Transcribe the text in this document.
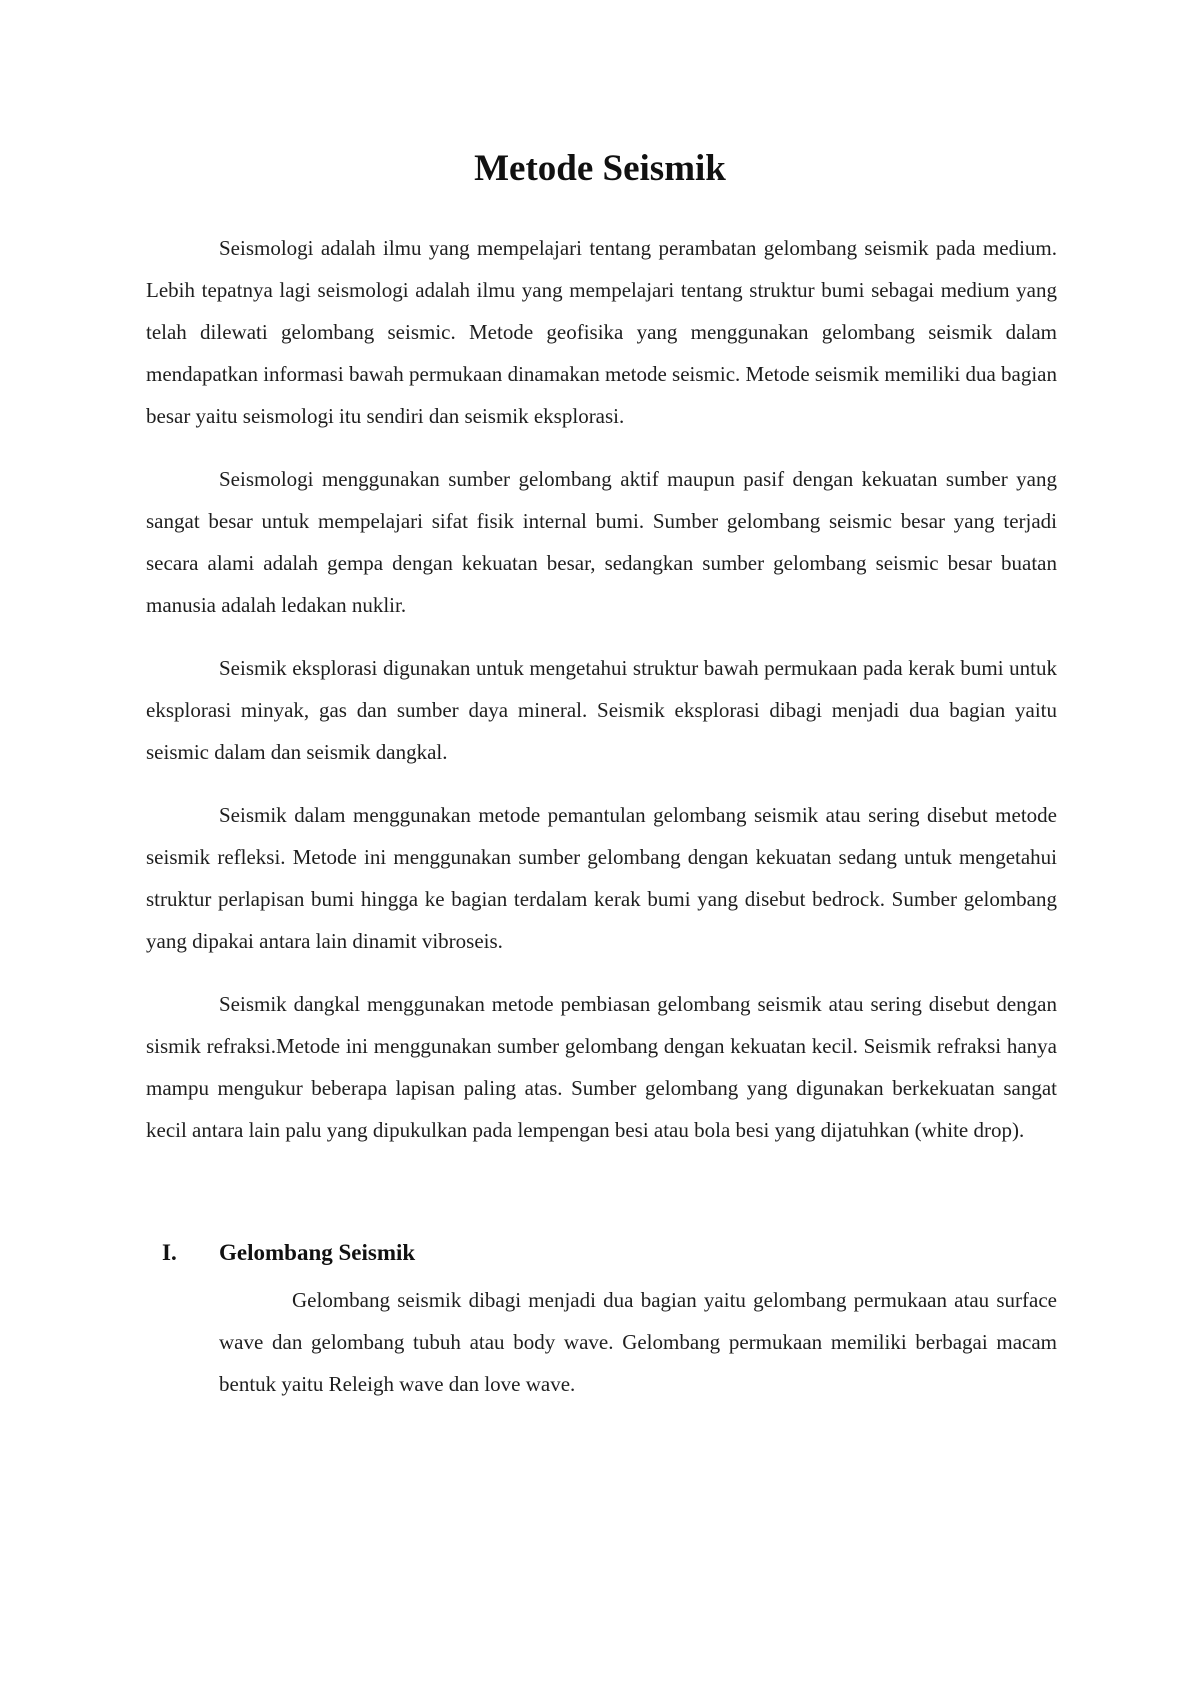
Metode Seismik

Seismologi adalah ilmu yang mempelajari tentang perambatan gelombang seismik pada medium. Lebih tepatnya lagi seismologi adalah ilmu yang mempelajari tentang struktur bumi sebagai medium yang telah dilewati gelombang seismic. Metode geofisika yang menggunakan gelombang seismik dalam mendapatkan informasi bawah permukaan dinamakan metode seismic. Metode seismik memiliki dua bagian besar yaitu seismologi itu sendiri dan seismik eksplorasi.

Seismologi menggunakan sumber gelombang aktif maupun pasif dengan kekuatan sumber yang sangat besar untuk mempelajari sifat fisik internal bumi. Sumber gelombang seismic besar yang terjadi secara alami adalah gempa dengan kekuatan besar, sedangkan sumber gelombang seismic besar buatan manusia adalah ledakan nuklir.

Seismik eksplorasi digunakan untuk mengetahui struktur bawah permukaan pada kerak bumi untuk eksplorasi minyak, gas dan sumber daya mineral. Seismik eksplorasi dibagi menjadi dua bagian yaitu seismic dalam dan seismik dangkal.

Seismik dalam menggunakan metode pemantulan gelombang seismik atau sering disebut metode seismik refleksi. Metode ini menggunakan sumber gelombang dengan kekuatan sedang untuk mengetahui struktur perlapisan bumi hingga ke bagian terdalam kerak bumi yang disebut bedrock. Sumber gelombang yang dipakai antara lain dinamit vibroseis.

Seismik dangkal menggunakan metode pembiasan gelombang seismik atau sering disebut dengan sismik refraksi.Metode ini menggunakan sumber gelombang dengan kekuatan kecil. Seismik refraksi hanya mampu mengukur beberapa lapisan paling atas. Sumber gelombang yang digunakan berkekuatan sangat kecil antara lain palu yang dipukulkan pada lempengan besi atau bola besi yang dijatuhkan (white drop).

I. Gelombang Seismik

Gelombang seismik dibagi menjadi dua bagian yaitu gelombang permukaan atau surface wave dan gelombang tubuh atau body wave. Gelombang permukaan memiliki berbagai macam bentuk yaitu Releigh wave dan love wave.
